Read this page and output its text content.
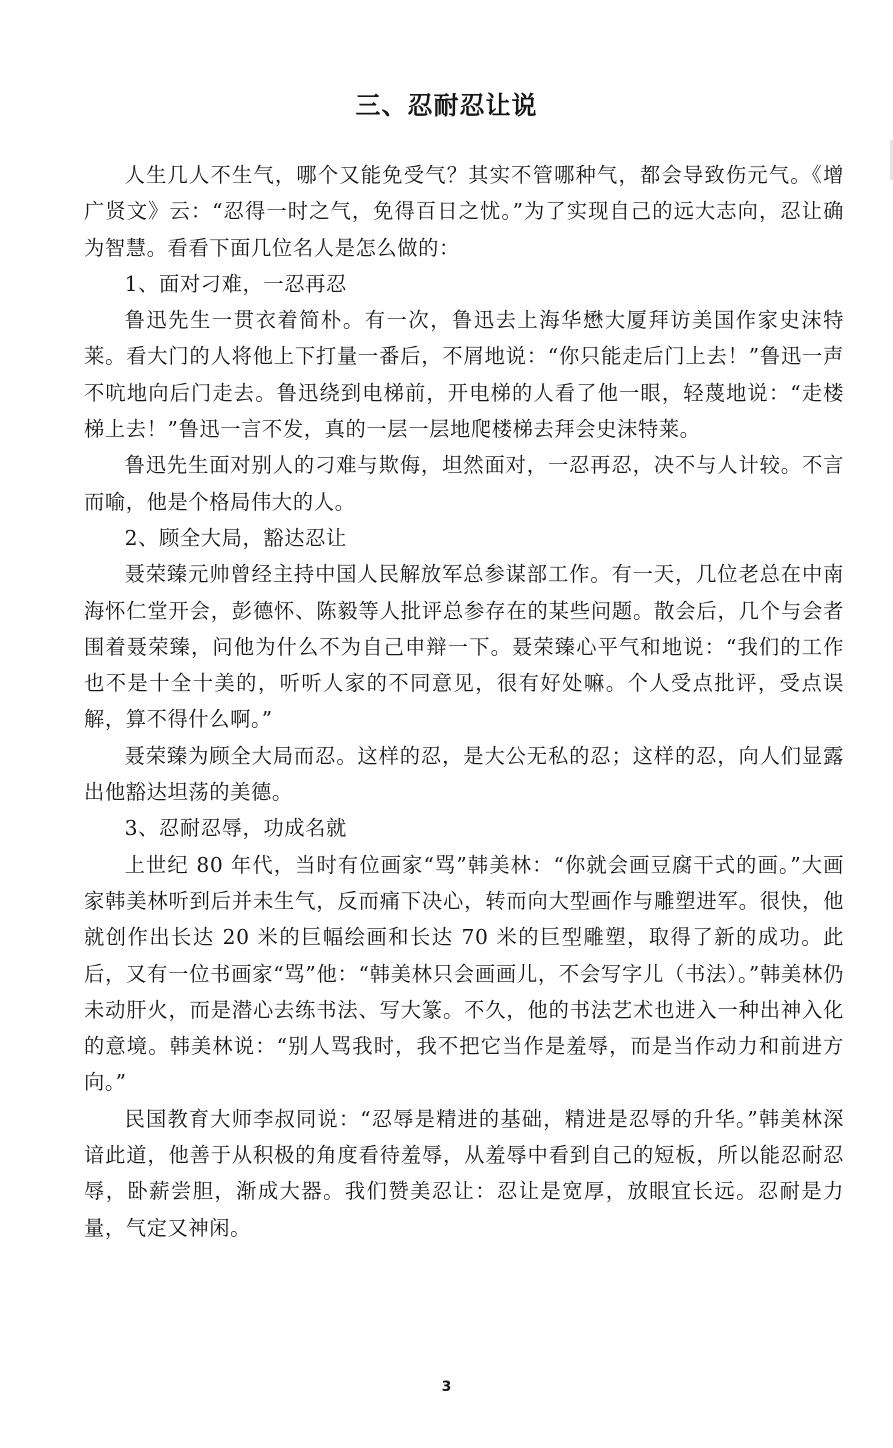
三、忍耐忍让说

人生几人不生气，哪个又能免受气？其实不管哪种气，都会导致伤元气。《增广贤文》云：“忍得一时之气，免得百日之忧。”为了实现自己的远大志向，忍让确为智慧。看看下面几位名人是怎么做的：

1、面对刁难，一忍再忍

鲁迅先生一贯衣着简朴。有一次，鲁迅去上海华懋大厦拜访美国作家史沫特莱。看大门的人将他上下打量一番后，不屑地说：“你只能走后门上去！”鲁迅一声不吭地向后门走去。鲁迅绕到电梯前，开电梯的人看了他一眼，轻蔑地说：“走楼梯上去！”鲁迅一言不发，真的一层一层地爬楼梯去拜会史沫特莱。

鲁迅先生面对别人的刁难与欺侮，坦然面对，一忍再忍，决不与人计较。不言而喻，他是个格局伟大的人。

2、顾全大局，豁达忍让

聂荣臻元帅曾经主持中国人民解放军总参谋部工作。有一天，几位老总在中南海怀仁堂开会，彭德怀、陈毅等人批评总参存在的某些问题。散会后，几个与会者围着聂荣臻，问他为什么不为自己申辩一下。聂荣臻心平气和地说：“我们的工作也不是十全十美的，听听人家的不同意见，很有好处嘛。个人受点批评，受点误解，算不得什么啊。”

聂荣臻为顾全大局而忍。这样的忍，是大公无私的忍；这样的忍，向人们显露出他豁达坦荡的美德。

3、忍耐忍辱，功成名就

上世纪 80 年代，当时有位画家“骂”韩美林：“你就会画豆腐干式的画。”大画家韩美林听到后并未生气，反而痛下决心，转而向大型画作与雕塑进军。很快，他就创作出长达 20 米的巨幅绘画和长达 70 米的巨型雕塑，取得了新的成功。此后，又有一位书画家“骂”他：“韩美林只会画画儿，不会写字儿（书法）。”韩美林仍未动肝火，而是潜心去练书法、写大篆。不久，他的书法艺术也进入一种出神入化的意境。韩美林说：“别人骂我时，我不把它当作是羞辱，而是当作动力和前进方向。”

民国教育大师李叔同说：“忍辱是精进的基础，精进是忍辱的升华。”韩美林深谙此道，他善于从积极的角度看待羞辱，从羞辱中看到自己的短板，所以能忍耐忍辱，卧薪尝胆，渐成大器。我们赞美忍让：忍让是宽厚，放眼宜长远。忍耐是力量，气定又神闲。

3
